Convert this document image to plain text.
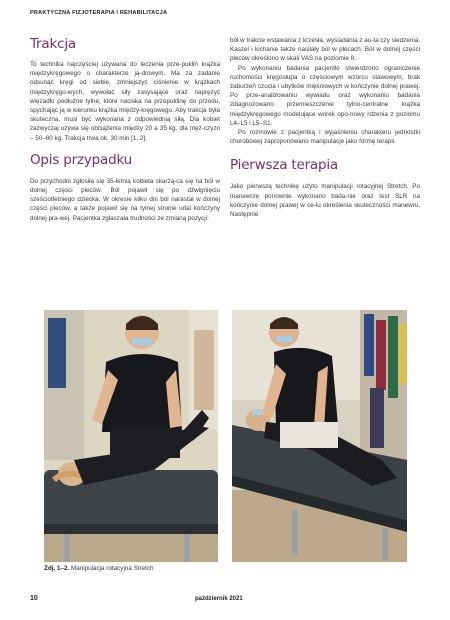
PRAKTYCZNA FIZJOTERAPIA I REHABILITACJA
Trakcja

To technika najczęściej używana do leczenia prze-pukliń krążka międzykręgowego o charakterze ją-drowym. Ma za zadanie odsunąć kręgi od siebie, zmniejszyć ciśnienie w krążkach międzykręgo-wych, wywołać siły zasysające oraz naprężyć więzadło podłużne tylne, które naciska na przepuklinę do przodu, spychając ją w kierunku krążka między-kręgowego. Aby trakcja była skuteczna, musi być wykonana z odpowiednią siłą. Dla kobiet zazwyczaj używa się obciążenia między 20 a 35 kg, dla męż-czyzn – 50–80 kg. Trakcja trwa ok. 30 min [1, 2].

Opis przypadku

Do przychodni zgłosiła się 35-letnia kobieta skarżą-ca się na ból w dolnej części pleców. Ból pojawił się po dźwignięciu sześciotletniego dziecka. W okresie kilku dni ból narastał w dolnej części pleców, a także pojawił się na tylnej stronie udai kończyny dolnej pra-wej. Pacjentka zgłaszała trudności ze zmianą pozycji:

bół w trakcie wstawania z krzesła, wysiadania z au-ta czy siedzenia. Kaszel i kichanie także nasilały ból w plecach. Ból w dolnej części pleców określono w skali VAS na poziomie 8.

Po wykonaniu badania pacjentki stwierdzono ograniczenie ruchomości kręgosłupa o częściowym wzorcu stawowym, brak zaburzeń czucia i ubytków mięśniowych w kończynie dolnej prawej. Po prze-analizowaniu wywiadu oraz wykonaniu badania zdiagnozowano przemieszczenie tylno-centralne krążka międzykręgowego modelujące worek opo-nowy rdzenia z poziomu L4–L5 i L5–S1.

Po rozmowie z pacjentką i wyjaśnieniu charakteru jednostki chorobowej zaproponowano manipulacje jako formę terapii.

Pierwsza terapia

Jako pierwszą technikę użyto manipulacji rotacyjnej Stretch. Po manewrze ponownie wykonano bada-nie oraz test SLR na kończynie dolnej prawej w ce-lu określenia skuteczności manewru. Następnie

Zdj. 1–2. Manipulacja rotacyjna Stretch
10	październik 2021
